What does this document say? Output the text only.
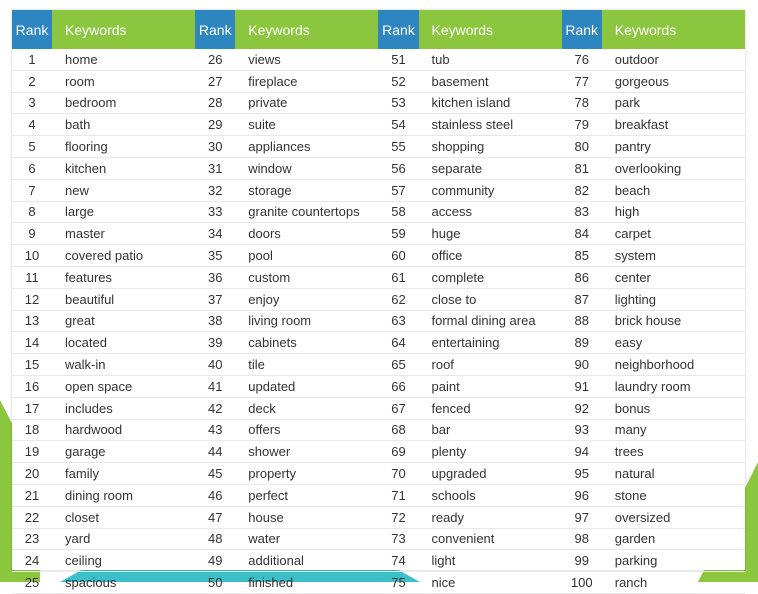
Rank	Keywords	Rank	Keywords	Rank	Keywords	Rank	Keywords
1	home	26	views	51	tub	76	outdoor
2	room	27	fireplace	52	basement	77	gorgeous
3	bedroom	28	private	53	kitchen island	78	park
4	bath	29	suite	54	stainless steel	79	breakfast
5	flooring	30	appliances	55	shopping	80	pantry
6	kitchen	31	window	56	separate	81	overlooking
7	new	32	storage	57	community	82	beach
8	large	33	granite countertops	58	access	83	high
9	master	34	doors	59	huge	84	carpet
10	covered patio	35	pool	60	office	85	system
11	features	36	custom	61	complete	86	center
12	beautiful	37	enjoy	62	close to	87	lighting
13	great	38	living room	63	formal dining area	88	brick house
14	located	39	cabinets	64	entertaining	89	easy
15	walk-in	40	tile	65	roof	90	neighborhood
16	open space	41	updated	66	paint	91	laundry room
17	includes	42	deck	67	fenced	92	bonus
18	hardwood	43	offers	68	bar	93	many
19	garage	44	shower	69	plenty	94	trees
20	family	45	property	70	upgraded	95	natural
21	dining room	46	perfect	71	schools	96	stone
22	closet	47	house	72	ready	97	oversized
23	yard	48	water	73	convenient	98	garden
24	ceiling	49	additional	74	light	99	parking
25	spacious	50	finished	75	nice	100	ranch
